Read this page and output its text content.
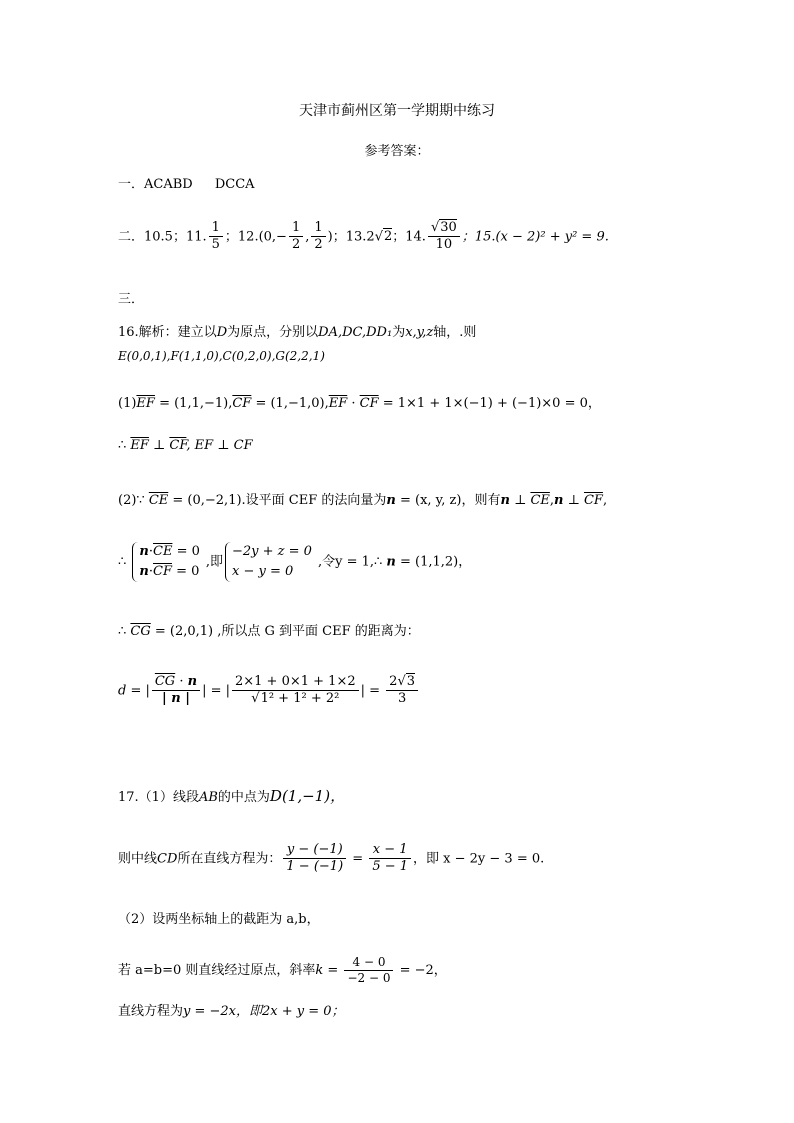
天津市蓟州区第一学期期中练习
参考答案：
一．ACABD DCCA
二．10.5；11. $\frac{1}{5}$ ；$12.(0,- \frac{1}{2}$ , $\frac{1}{2}$ )；13.2√2；14. $\frac{√30}{10}$ ；15.(x − 2)² + y² = 9.
三．
16.解析：建立以D为原点，分别以DA,DC,DD₁为x,y,z轴，.则
E(0,0,1),F(1,1,0),C(0,2,0),G(2,2,1)
$(1)\overline{EF} = (1,1,-1),\overline{CF} = (1,-1,0),\overline{EF} \cdot \overline{CF} = 1\times 1 + 1\times(-1) + (-1)\times 0 = 0$，
∴ $\overline{EF}$ ⊥ $\overline{CF}$, EF ⊥ CF
(2)∵ $\overline{CE} = (0,-2,1)$.设平面 CEF 的法向量为n = (x, y, z)，则有n ⊥ $\overline{CE},n$ ⊥ $\overline{CF}$,
∴
$n\cdot\overline{CE} = 0$
$n\cdot\overline{CF} = 0$
,即
−2y + z = 0
x − y = 0
,令y = 1,∴ n = (1,1,2)，
∴ $\overline{CG} = (2,0,1)$ ,所以点 G 到平面 CEF 的距离为：
d = | $\frac{\overline{CG} \cdot n}{| n |}$ | = | $\frac{2\times 1 + 0\times 1 + 1\times 2}{\text{√1² + 1² + 2²}}$ | = $\frac{2√3}{3}$
17.（1）线段AB的中点为D(1,−1)，
则中线CD所在直线方程为： $\frac{y - (-1)}{1 - (-1)} = \frac{x - 1}{5 - 1}$ ，即 x − 2y − 3 = 0.
（2）设两坐标轴上的截距为 a,b，
若 a=b=0 则直线经过原点，斜率$k = \frac{4 - 0}{-2 - 0} = -2$，
直线方程为y = −2x，即2x + y = 0；
